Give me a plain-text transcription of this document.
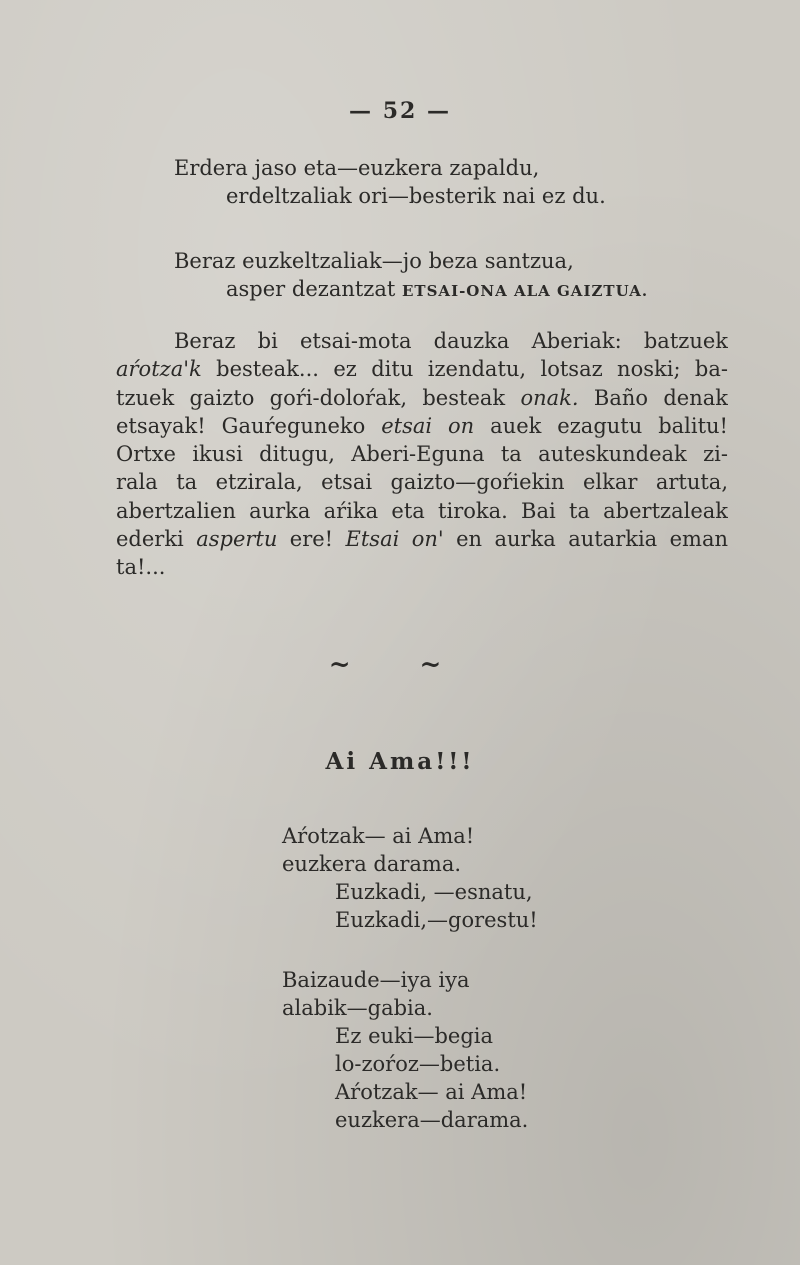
— 52 —
Erdera jaso eta—euzkera zapaldu,
erdeltzaliak ori—besterik nai ez du.
Beraz euzkeltzaliak—jo beza santzua,
asper dezantzat ETSAI-ONA ALA GAIZTUA.
Beraz bi etsai-mota dauzka Aberiak: batzuek
aŕotza'k besteak... ez ditu izendatu, lotsaz noski; ba-
tzuek gaizto goŕi-doloŕak, besteak onak. Baño denak
etsayak! Gauŕeguneko etsai on auek ezagutu balitu!
Ortxe ikusi ditugu, Aberi-Eguna ta auteskundeak zi-
rala ta etzirala, etsai gaizto—goŕiekin elkar artuta,
abertzalien aurka aŕika eta tiroka. Bai ta abertzaleak
ederki aspertu ere! Etsai on' en aurka autarkia eman
ta!...
~ ~
Ai Ama!!!
Aŕotzak— ai Ama!
euzkera darama.
Euzkadi, —esnatu,
Euzkadi,—gorestu!
Baizaude—iya iya
alabik—gabia.
Ez euki—begia
lo-zoŕoz—betia.
Aŕotzak— ai Ama!
euzkera—darama.
